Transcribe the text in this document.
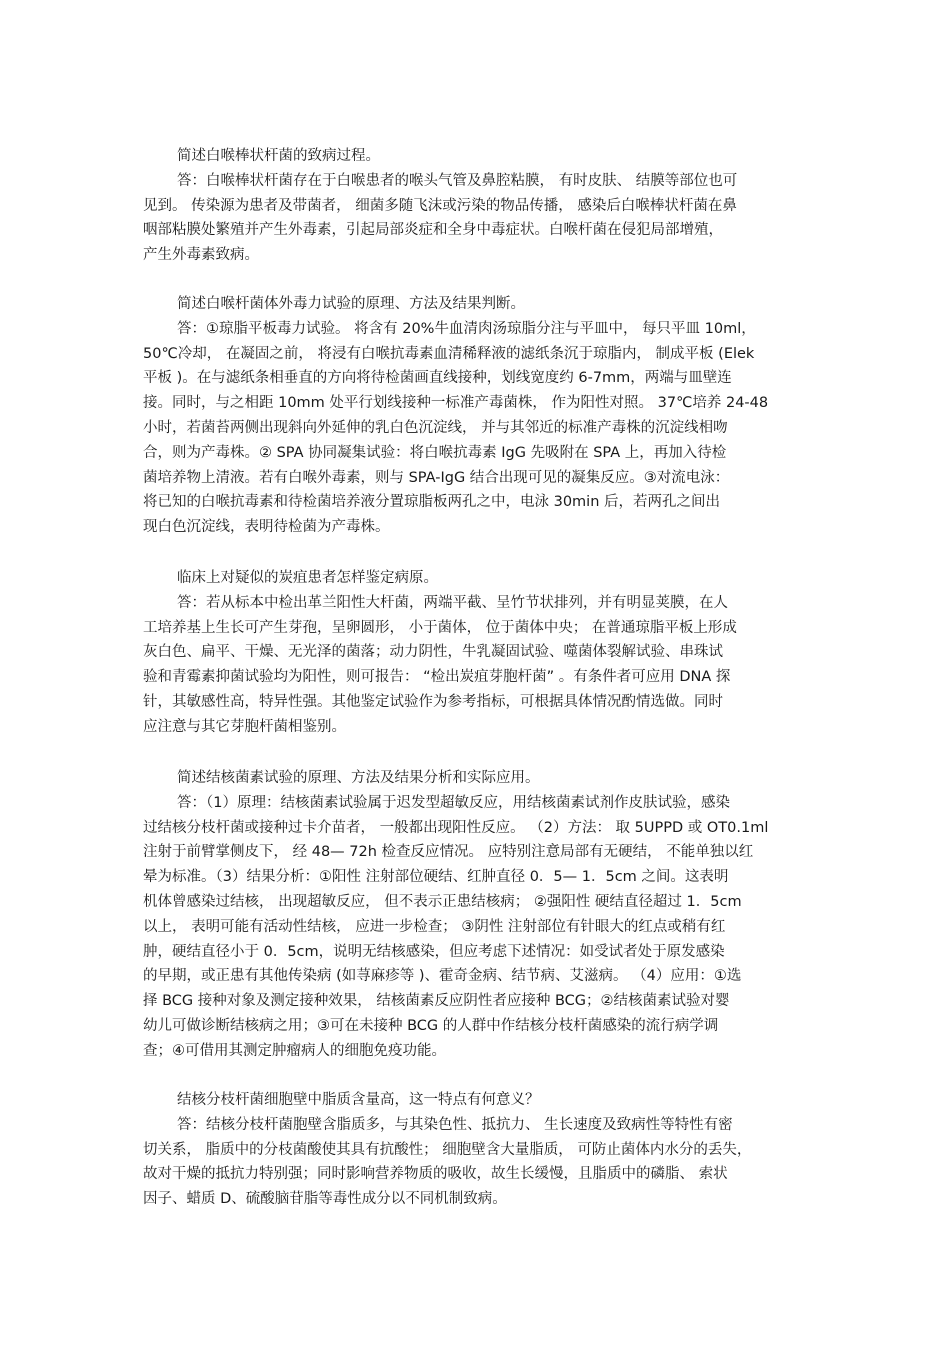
简述白喉棒状杆菌的致病过程。
答：白喉棒状杆菌存在于白喉患者的喉头气管及鼻腔粘膜， 有时皮肤、 结膜等部位也可
见到。 传染源为患者及带菌者， 细菌多随飞沫或污染的物品传播， 感染后白喉棒状杆菌在鼻
咽部粘膜处繁殖并产生外毒素，引起局部炎症和全身中毒症状。白喉杆菌在侵犯局部增殖，
产生外毒素致病。
简述白喉杆菌体外毒力试验的原理、方法及结果判断。
答：①琼脂平板毒力试验。 将含有 20%牛血清肉汤琼脂分注与平皿中， 每只平皿 10ml，
50℃冷却， 在凝固之前， 将浸有白喉抗毒素血清稀释液的滤纸条沉于琼脂内， 制成平板 (Elek
平板 )。在与滤纸条相垂直的方向将待检菌画直线接种，划线宽度约 6-7mm，两端与皿壁连
接。同时，与之相距 10mm 处平行划线接种一标准产毒菌株， 作为阳性对照。 37℃培养 24-48
小时，若菌苔两侧出现斜向外延伸的乳白色沉淀线， 并与其邻近的标准产毒株的沉淀线相吻
合，则为产毒株。② SPA 协同凝集试验：将白喉抗毒素 IgG 先吸附在 SPA 上，再加入待检
菌培养物上清液。若有白喉外毒素，则与 SPA-IgG 结合出现可见的凝集反应。③对流电泳：
将已知的白喉抗毒素和待检菌培养液分置琼脂板两孔之中，电泳 30min 后，若两孔之间出
现白色沉淀线，表明待检菌为产毒株。
临床上对疑似的炭疽患者怎样鉴定病原。
答：若从标本中检出革兰阳性大杆菌，两端平截、呈竹节状排列，并有明显荚膜，在人
工培养基上生长可产生芽孢，呈卵圆形， 小于菌体， 位于菌体中央； 在普通琼脂平板上形成
灰白色、扁平、干燥、无光泽的菌落；动力阴性，牛乳凝固试验、噬菌体裂解试验、串珠试
验和青霉素抑菌试验均为阳性，则可报告： “检出炭疽芽胞杆菌” 。有条件者可应用 DNA 探
针，其敏感性高，特异性强。其他鉴定试验作为参考指标，可根据具体情况酌情选做。同时
应注意与其它芽胞杆菌相鉴别。
简述结核菌素试验的原理、方法及结果分析和实际应用。
答：（1）原理：结核菌素试验属于迟发型超敏反应，用结核菌素试剂作皮肤试验，感染
过结核分枝杆菌或接种过卡介苗者， 一般都出现阳性反应。 （2）方法： 取 5UPPD 或 OT0.1ml
注射于前臂掌侧皮下， 经 48— 72h 检查反应情况。 应特别注意局部有无硬结， 不能单独以红
晕为标准。（3）结果分析：①阳性 注射部位硬结、红肿直径 0．5— 1．5cm 之间。这表明
机体曾感染过结核， 出现超敏反应， 但不表示正患结核病； ②强阳性 硬结直径超过 1．5cm
以上， 表明可能有活动性结核， 应进一步检查； ③阴性 注射部位有针眼大的红点或稍有红
肿，硬结直径小于 0．5cm，说明无结核感染，但应考虑下述情况：如受试者处于原发感染
的早期，或正患有其他传染病 (如荨麻疹等 )、霍奇金病、结节病、艾滋病。 （4）应用：①选
择 BCG 接种对象及测定接种效果， 结核菌素反应阴性者应接种 BCG；②结核菌素试验对婴
幼儿可做诊断结核病之用；③可在未接种 BCG 的人群中作结核分枝杆菌感染的流行病学调
查；④可借用其测定肿瘤病人的细胞免疫功能。
结核分枝杆菌细胞壁中脂质含量高，这一特点有何意义？
答：结核分枝杆菌胞壁含脂质多，与其染色性、抵抗力、 生长速度及致病性等特性有密
切关系， 脂质中的分枝菌酸使其具有抗酸性； 细胞壁含大量脂质， 可防止菌体内水分的丢失，
故对干燥的抵抗力特别强；同时影响营养物质的吸收，故生长缓慢，且脂质中的磷脂、 索状
因子、蜡质 D、硫酸脑苷脂等毒性成分以不同机制致病。
